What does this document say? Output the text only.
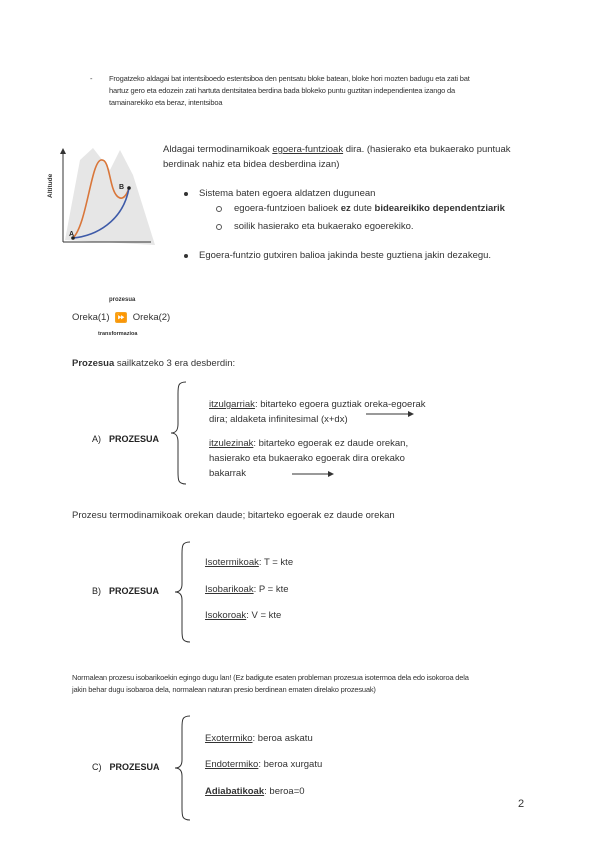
- Frogatzeko aldagai bat intentsiboedo estentsiboa den pentsatu bloke batean, bloke hori mozten badugu eta zati bat
hartuz gero eta edozein zati hartuta dentsitatea berdina bada blokeko puntu guztitan independientea izango da
tamainarekiko eta beraz, intentsiboa
Altitude
A
B
Aldagai termodinamikoak egoera-funtzioak dira. (hasierako eta bukaerako puntuak
berdinak nahiz eta bidea desberdina izan)
Sistema baten egoera aldatzen dugunean
egoera-funtzioen balioek ez dute bideareikiko dependentziarik
soilik hasierako eta bukaerako egoerekiko.
Egoera-funtzio gutxiren balioa jakinda beste guztiena jakin dezakegu.
prozesua
Oreka(1) ⏩ Oreka(2)
transformazioa
Prozesua sailkatzeko 3 era desberdin:
A) PROZESUA
itzulgarriak: bitarteko egoera guztiak oreka-egoerak
dira; aldaketa infinitesimal (x+dx)
itzulezinak: bitarteko egoerak ez daude orekan,
hasierako eta bukaerako egoerak dira orekako
bakarrak
Prozesu termodinamikoak orekan daude; bitarteko egoerak ez daude orekan
B) PROZESUA
Isotermikoak: T = kte
Isobarikoak: P = kte
Isokoroak: V = kte
Normalean prozesu isobarikoekin egingo dugu lan! (Ez badigute esaten probleman prozesua isotermoa dela edo isokoroa dela
jakin behar dugu isobaroa dela, normalean naturan presio berdinean ematen direlako prozesuak)
C) PROZESUA
Exotermiko: beroa askatu
Endotermiko: beroa xurgatu
Adiabatikoak: beroa=0
2
